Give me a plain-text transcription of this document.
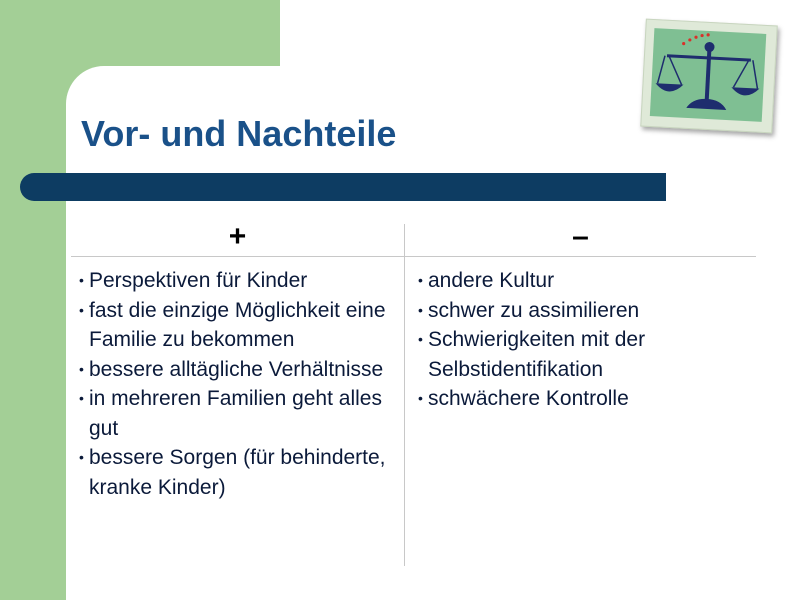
Vor- und Nachteile
+	–
• Perspektiven für Kinder
• fast die einzige Möglichkeit eine Familie zu bekommen
• bessere alltägliche Verhältnisse
• in mehreren Familien geht alles gut
• bessere Sorgen (für behinderte, kranke Kinder)
• andere Kultur
• schwer zu assimilieren
• Schwierigkeiten mit der Selbstidentifikation
• schwächere Kontrolle
